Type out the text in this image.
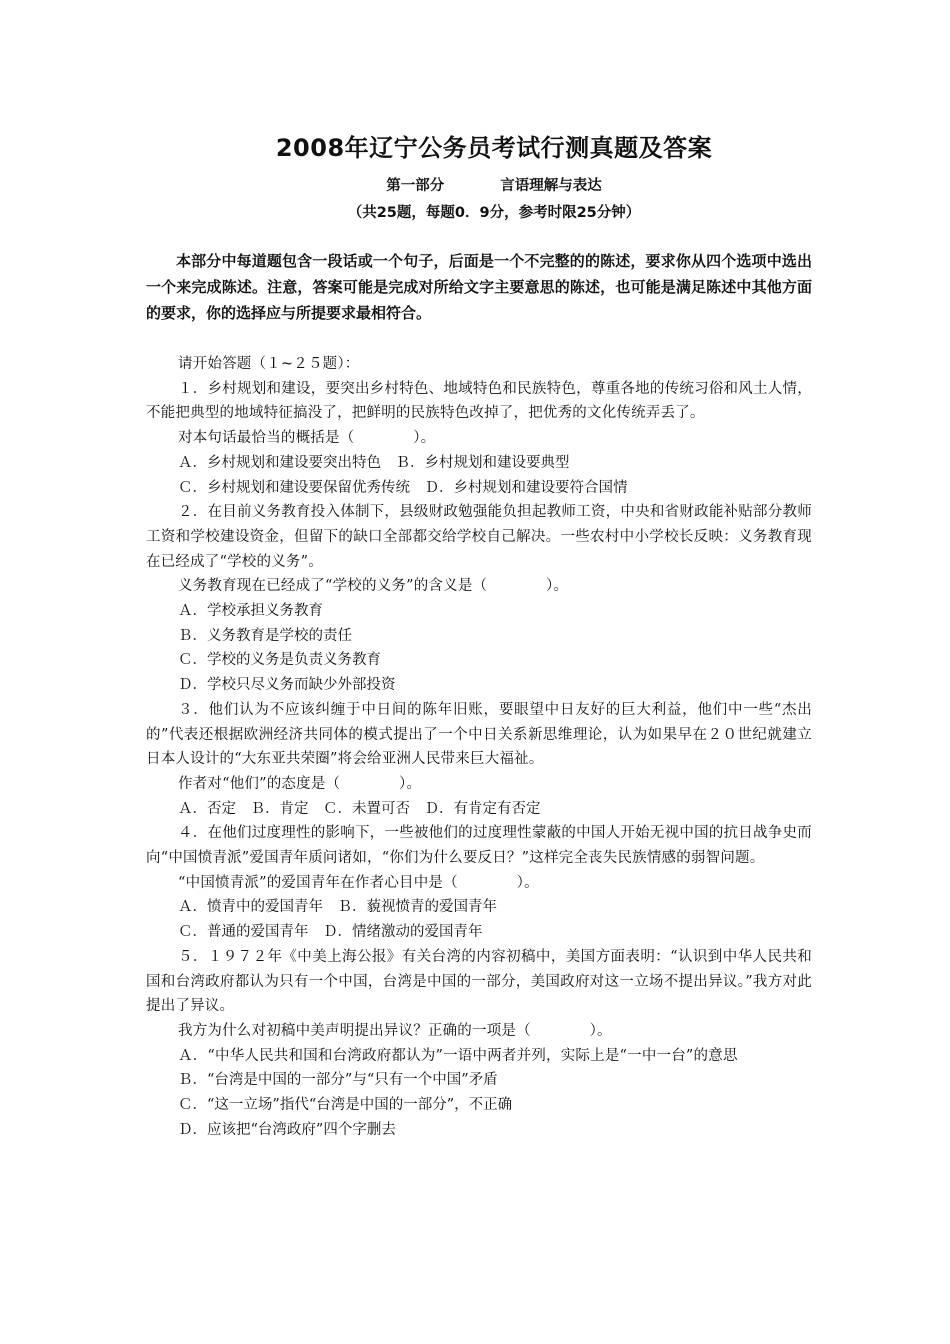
2008年辽宁公务员考试行测真题及答案
第一部分	言语理解与表达
（共25题，每题0．9分，参考时限25分钟）

本部分中每道题包含一段话或一个句子，后面是一个不完整的的陈述，要求你从四个选项中选出一个来完成陈述。注意，答案可能是完成对所给文字主要意思的陈述，也可能是满足陈述中其他方面的要求，你的选择应与所提要求最相符合。

请开始答题（１~２５题）：

１．乡村规划和建设，要突出乡村特色、地域特色和民族特色，尊重各地的传统习俗和风土人情，不能把典型的地域特征搞没了，把鲜明的民族特色改掉了，把优秀的文化传统弄丢了。

对本句话最恰当的概括是（　　　　）。

Ａ．乡村规划和建设要突出特色　Ｂ．乡村规划和建设要典型

Ｃ．乡村规划和建设要保留优秀传统　Ｄ．乡村规划和建设要符合国情

２．在目前义务教育投入体制下，县级财政勉强能负担起教师工资，中央和省财政能补贴部分教师工资和学校建设资金，但留下的缺口全部都交给学校自己解决。一些农村中小学校长反映：义务教育现在已经成了“学校的义务”。

义务教育现在已经成了“学校的义务”的含义是（　　　　）。

Ａ．学校承担义务教育

Ｂ．义务教育是学校的责任

Ｃ．学校的义务是负责义务教育

Ｄ．学校只尽义务而缺少外部投资

３．他们认为不应该纠缠于中日间的陈年旧账，要眼望中日友好的巨大利益，他们中一些“杰出的”代表还根据欧洲经济共同体的模式提出了一个中日关系新思维理论，认为如果早在２０世纪就建立日本人设计的“大东亚共荣圈”将会给亚洲人民带来巨大福祉。

作者对“他们”的态度是（　　　　）。

Ａ．否定　Ｂ．肯定　Ｃ．未置可否　Ｄ．有肯定有否定

４．在他们过度理性的影响下，一些被他们的过度理性蒙蔽的中国人开始无视中国的抗日战争史而向“中国愤青派”爱国青年质问诸如，“你们为什么要反日？”这样完全丧失民族情感的弱智问题。

“中国愤青派”的爱国青年在作者心目中是（　　　　）。

Ａ．愤青中的爱国青年　Ｂ．藐视愤青的爱国青年

Ｃ．普通的爱国青年　Ｄ．情绪激动的爱国青年

５．１９７２年《中美上海公报》有关台湾的内容初稿中，美国方面表明：“认识到中华人民共和国和台湾政府都认为只有一个中国，台湾是中国的一部分，美国政府对这一立场不提出异议。”我方对此提出了异议。

我方为什么对初稿中美声明提出异议？正确的一项是（　　　　）。

Ａ．“中华人民共和国和台湾政府都认为”一语中两者并列，实际上是“一中一台”的意思

Ｂ．“台湾是中国的一部分”与“只有一个中国”矛盾

Ｃ．“这一立场”指代“台湾是中国的一部分”，不正确

Ｄ．应该把“台湾政府”四个字删去
